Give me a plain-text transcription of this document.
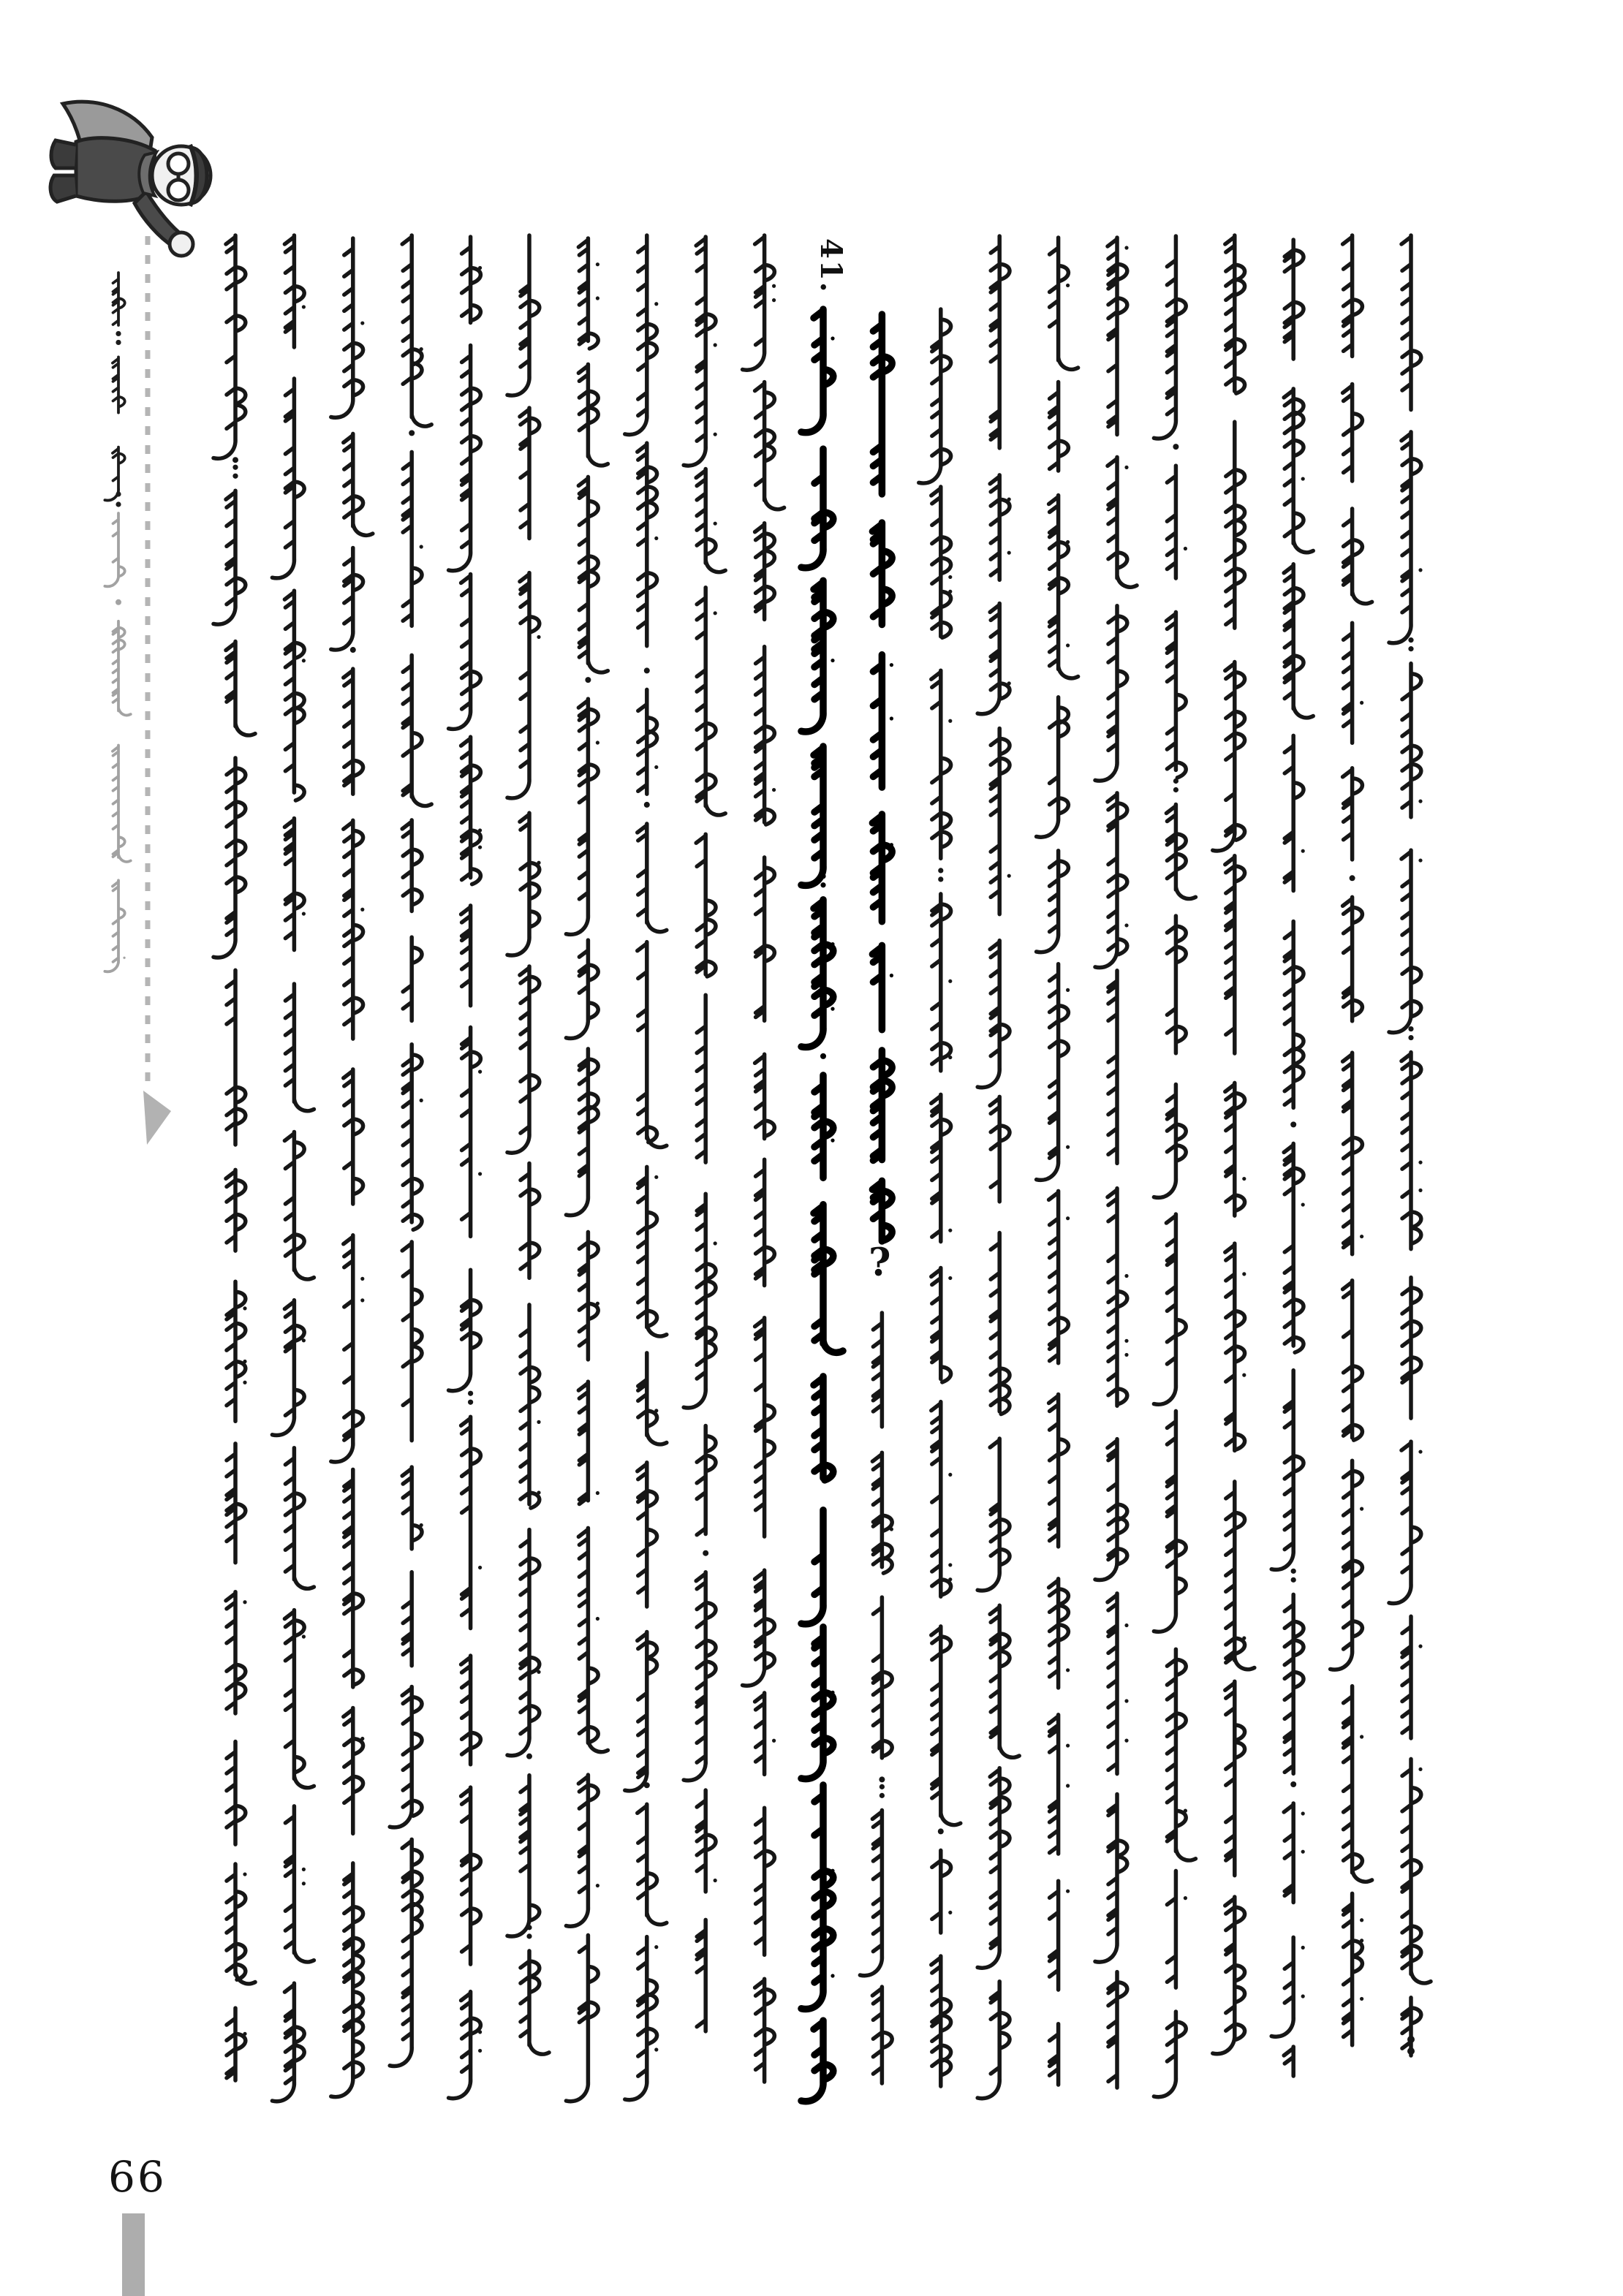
41.
?
66
